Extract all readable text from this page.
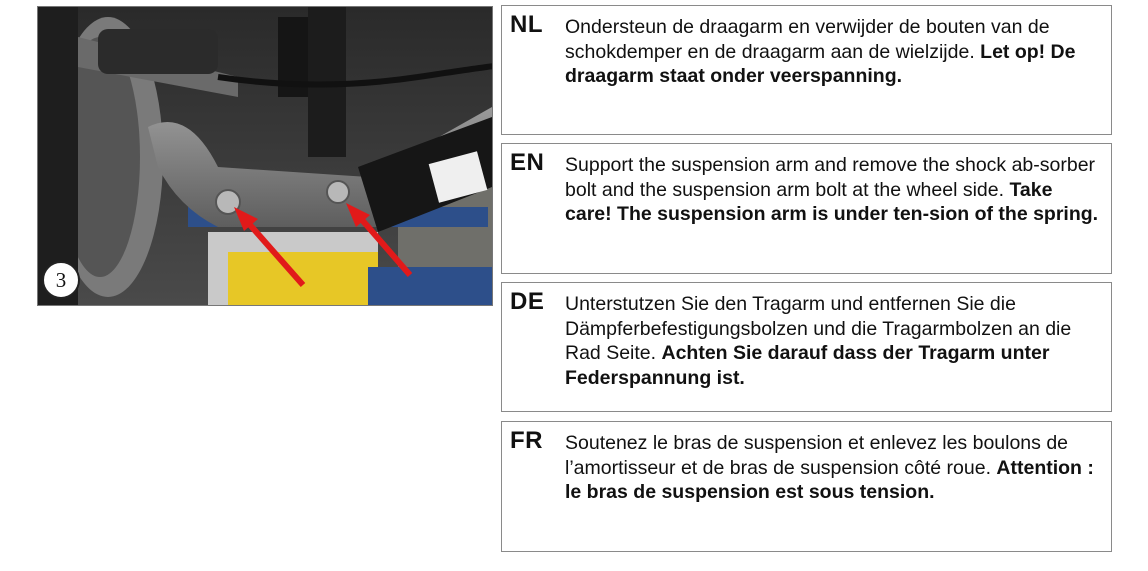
3
NL Ondersteun de draagarm en verwijder de bouten van de schokdemper en de draagarm aan de wielzijde. Let op! De draagarm staat onder veerspanning.
EN Support the suspension arm and remove the shock ab-sorber bolt and the suspension arm bolt at the wheel side. Take care! The suspension arm is under ten-sion of the spring.
DE Unterstutzen Sie den Tragarm und entfernen Sie die Dämpferbefestigungsbolzen und die Tragarmbolzen an die Rad Seite. Achten Sie darauf dass der Tragarm unter Federspannung ist.
FR Soutenez le bras de suspension et enlevez les boulons de l’amortisseur et de bras de suspension côté roue. Attention : le bras de suspension est sous tension.
